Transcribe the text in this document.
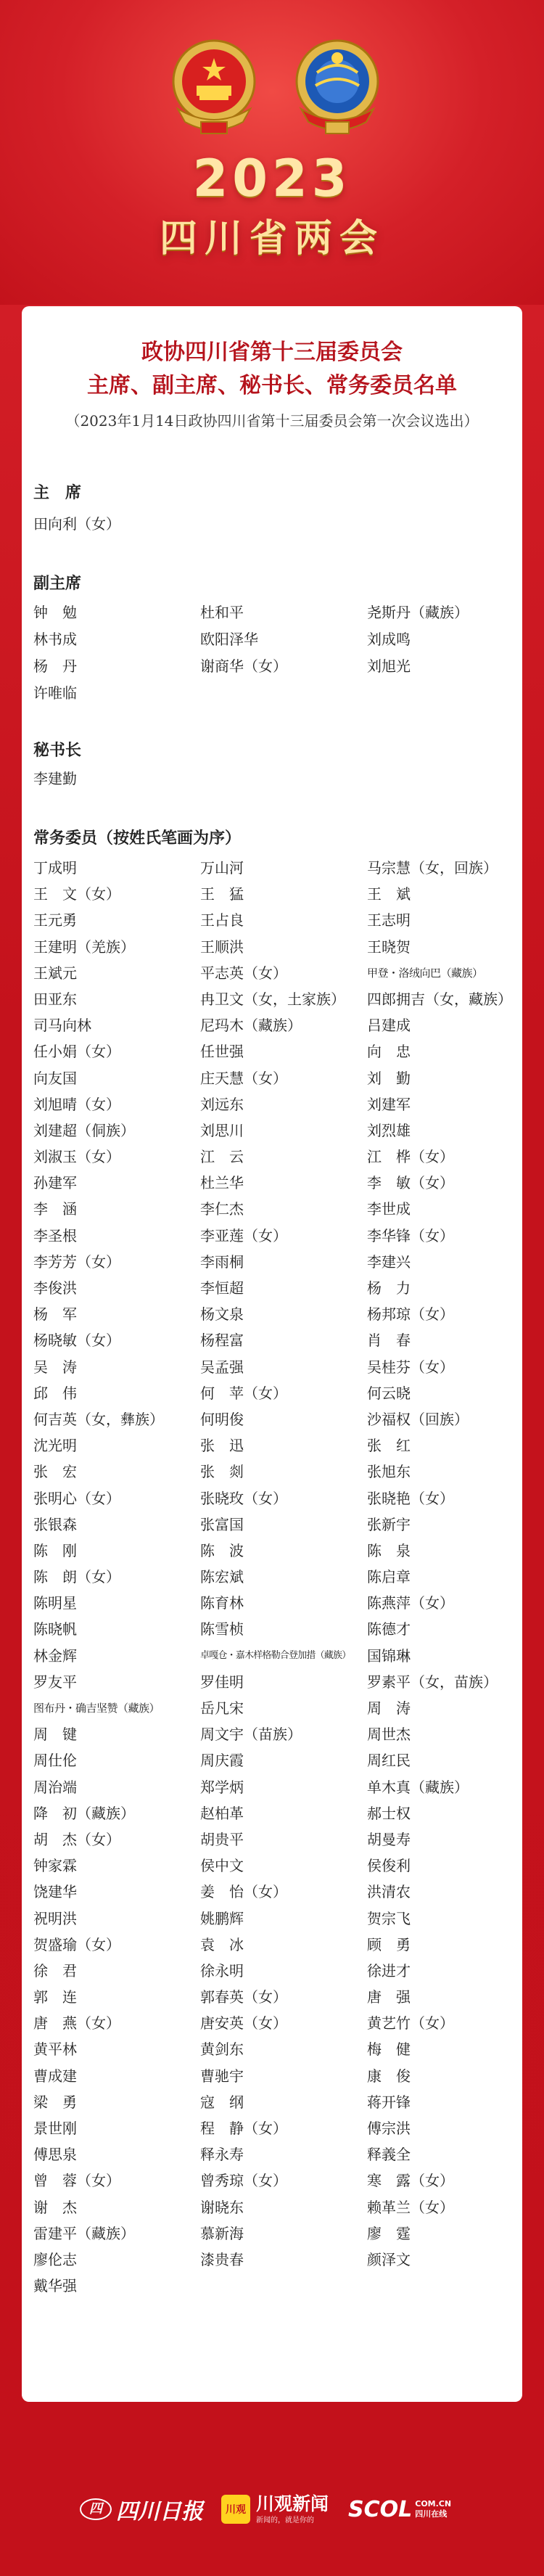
2023
四川省两会
政协四川省第十三届委员会
主席、副主席、秘书长、常务委员名单
（2023年1月14日政协四川省第十三届委员会第一次会议选出）
主　席
田向利（女）
副主席
钟　勉	杜和平	尧斯丹（藏族）
林书成	欧阳泽华	刘成鸣
杨　丹	谢商华（女）	刘旭光
许唯临
秘书长
李建勤
常务委员（按姓氏笔画为序）
丁成明	万山河	马宗慧（女，回族）
王　文（女）	王　猛	王　斌
王元勇	王占良	王志明
王建明（羌族）	王顺洪	王晓贺
王斌元	平志英（女）	甲登・洛绒向巴（藏族）
田亚东	冉卫文（女，土家族）	四郎拥吉（女，藏族）
司马向林	尼玛木（藏族）	吕建成
任小娟（女）	任世强	向　忠
向友国	庄天慧（女）	刘　勤
刘旭晴（女）	刘远东	刘建军
刘建超（侗族）	刘思川	刘烈雄
刘淑玉（女）	江　云	江　桦（女）
孙建军	杜兰华	李　敏（女）
李　涵	李仁杰	李世成
李圣根	李亚莲（女）	李华锋（女）
李芳芳（女）	李雨桐	李建兴
李俊洪	李恒超	杨　力
杨　军	杨文泉	杨邦琼（女）
杨晓敏（女）	杨程富	肖　春
吴　涛	吴孟强	吴桂芬（女）
邱　伟	何　苹（女）	何云晓
何吉英（女，彝族）	何明俊	沙福权（回族）
沈光明	张　迅	张　红
张　宏	张　剡	张旭东
张明心（女）	张晓玫（女）	张晓艳（女）
张银森	张富国	张新宇
陈　刚	陈　波	陈　泉
陈　朗（女）	陈宏斌	陈启章
陈明星	陈育林	陈燕萍（女）
陈晓帆	陈雪桢	陈德才
林金辉	卓嘎仓・嘉木样格勒合登加措（藏族）	国锦琳
罗友平	罗佳明	罗素平（女，苗族）
图布丹・确吉坚赞（藏族）	岳凡宋	周　涛
周　键	周文宇（苗族）	周世杰
周仕伦	周庆霞	周红民
周治端	郑学炳	单木真（藏族）
降　初（藏族）	赵柏革	郝士权
胡　杰（女）	胡贵平	胡曼寿
钟家霖	侯中文	侯俊利
饶建华	姜　怡（女）	洪清农
祝明洪	姚鹏辉	贺宗飞
贺盛瑜（女）	袁　冰	顾　勇
徐　君	徐永明	徐进才
郭　连	郭春英（女）	唐　强
唐　燕（女）	唐安英（女）	黄艺竹（女）
黄平林	黄剑东	梅　健
曹成建	曹驰宇	康　俊
梁　勇	寇　纲	蒋开锋
景世刚	程　静（女）	傅宗洪
傅思泉	释永寿	释義全
曾　蓉（女）	曾秀琼（女）	寒　露（女）
谢　杰	谢晓东	赖革兰（女）
雷建平（藏族）	慕新海	廖　霆
廖伦志	漆贵春	颜泽文
戴华强
四 四川日报	川观 川观新闻
新闻的，就是你的	SCOL COM.CN
四川在线
